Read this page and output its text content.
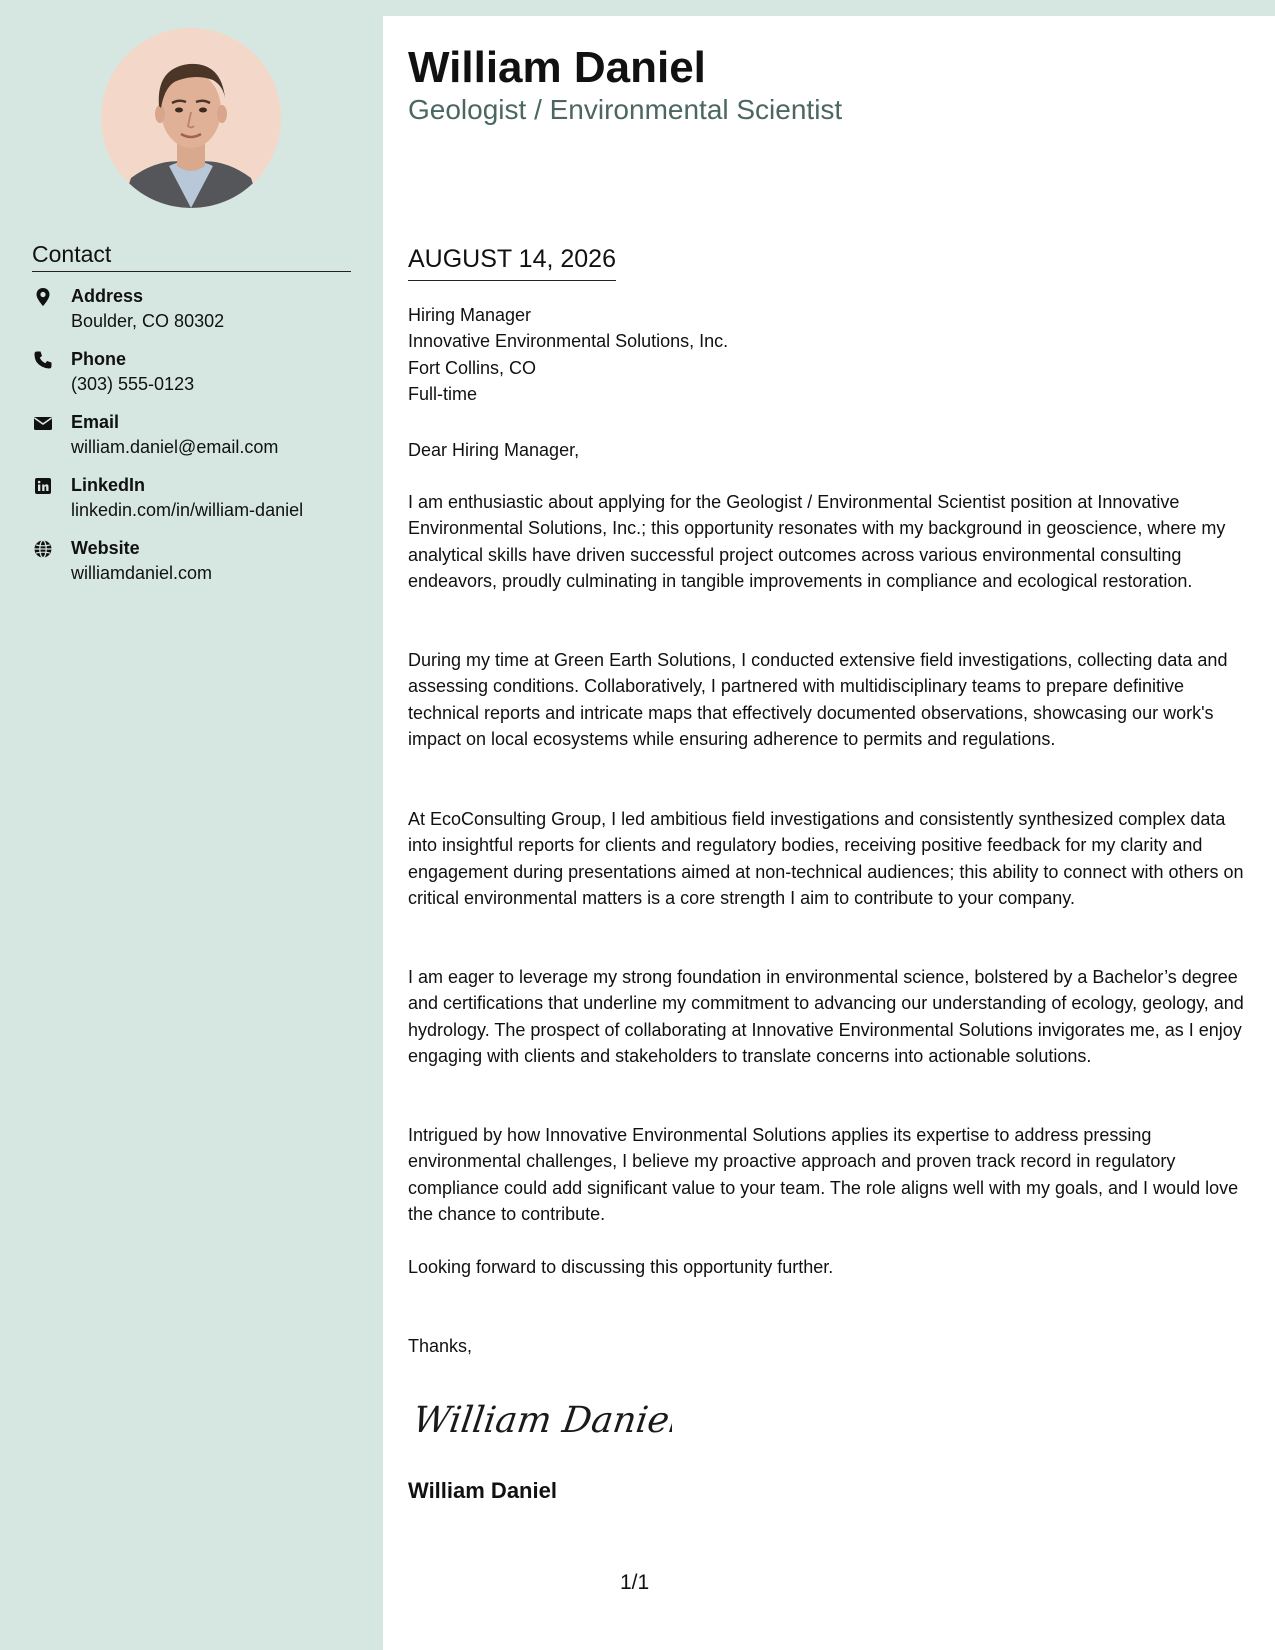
Contact
Address
Boulder, CO 80302
Phone
(303) 555-0123
Email
william.daniel@email.com
LinkedIn
linkedin.com/in/william-daniel
Website
williamdaniel.com
William Daniel
Geologist / Environmental Scientist
AUGUST 14, 2026
Hiring Manager
Innovative Environmental Solutions, Inc.
Fort Collins, CO
Full-time
Dear Hiring Manager,
I am enthusiastic about applying for the Geologist / Environmental Scientist position at Innovative Environmental Solutions, Inc.; this opportunity resonates with my background in geoscience, where my analytical skills have driven successful project outcomes across various environmental consulting endeavors, proudly culminating in tangible improvements in compliance and ecological restoration.
During my time at Green Earth Solutions, I conducted extensive field investigations, collecting data and assessing conditions. Collaboratively, I partnered with multidisciplinary teams to prepare definitive technical reports and intricate maps that effectively documented observations, showcasing our work's impact on local ecosystems while ensuring adherence to permits and regulations.
At EcoConsulting Group, I led ambitious field investigations and consistently synthesized complex data into insightful reports for clients and regulatory bodies, receiving positive feedback for my clarity and engagement during presentations aimed at non-technical audiences; this ability to connect with others on critical environmental matters is a core strength I aim to contribute to your company.
I am eager to leverage my strong foundation in environmental science, bolstered by a Bachelor’s degree and certifications that underline my commitment to advancing our understanding of ecology, geology, and hydrology. The prospect of collaborating at Innovative Environmental Solutions invigorates me, as I enjoy engaging with clients and stakeholders to translate concerns into actionable solutions.
Intrigued by how Innovative Environmental Solutions applies its expertise to address pressing environmental challenges, I believe my proactive approach and proven track record in regulatory compliance could add significant value to your team. The role aligns well with my goals, and I would love the chance to contribute.
Looking forward to discussing this opportunity further.
Thanks,
William Daniel
William Daniel
1/1
